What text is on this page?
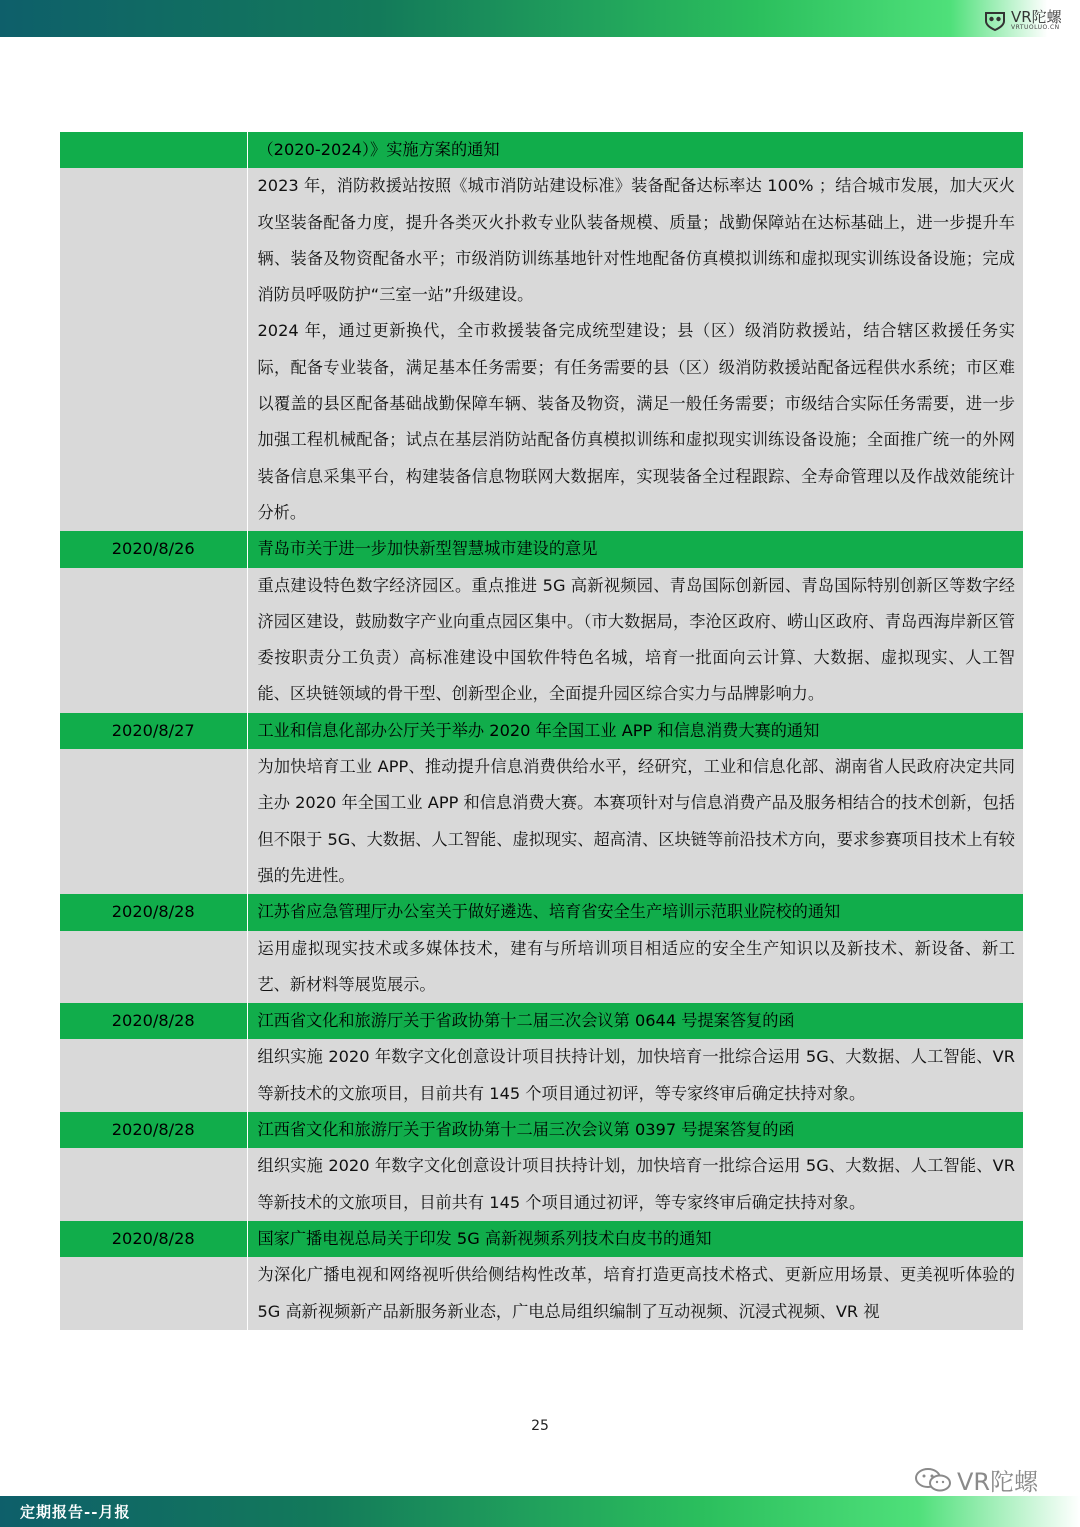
VR陀螺
VRTUOLUO.CN
	（2020-2024）》实施方案的通知

	2023 年，消防救援站按照《城市消防站建设标准》装备配备达标率达 100% ；结合城市发展，加大灭火攻坚装备配备力度，提升各类灭火扑救专业队装备规模、质量；战勤保障站在达标基础上，进一步提升车辆、装备及物资配备水平；市级消防训练基地针对性地配备仿真模拟训练和虚拟现实训练设备设施；完成消防员呼吸防护“三室一站”升级建设。

2024 年，通过更新换代，全市救援装备完成统型建设；县（区）级消防救援站，结合辖区救援任务实际，配备专业装备，满足基本任务需要；有任务需要的县（区）级消防救援站配备远程供水系统；市区难以覆盖的县区配备基础战勤保障车辆、装备及物资，满足一般任务需要；市级结合实际任务需要，进一步加强工程机械配备；试点在基层消防站配备仿真模拟训练和虚拟现实训练设备设施；全面推广统一的外网装备信息采集平台，构建装备信息物联网大数据库，实现装备全过程跟踪、全寿命管理以及作战效能统计分析。

2020/8/26	青岛市关于进一步加快新型智慧城市建设的意见

	重点建设特色数字经济园区。重点推进 5G 高新视频园、青岛国际创新园、青岛国际特别创新区等数字经济园区建设，鼓励数字产业向重点园区集中。（市大数据局，李沧区政府、崂山区政府、青岛西海岸新区管委按职责分工负责）高标准建设中国软件特色名城，培育一批面向云计算、大数据、虚拟现实、人工智能、区块链领域的骨干型、创新型企业，全面提升园区综合实力与品牌影响力。

2020/8/27	工业和信息化部办公厅关于举办 2020 年全国工业 APP 和信息消费大赛的通知

	为加快培育工业 APP、推动提升信息消费供给水平，经研究，工业和信息化部、湖南省人民政府决定共同主办 2020 年全国工业 APP 和信息消费大赛。本赛项针对与信息消费产品及服务相结合的技术创新，包括但不限于 5G、大数据、人工智能、虚拟现实、超高清、区块链等前沿技术方向，要求参赛项目技术上有较强的先进性。

2020/8/28	江苏省应急管理厅办公室关于做好遴选、培育省安全生产培训示范职业院校的通知

	运用虚拟现实技术或多媒体技术，建有与所培训项目相适应的安全生产知识以及新技术、新设备、新工艺、新材料等展览展示。

2020/8/28	江西省文化和旅游厅关于省政协第十二届三次会议第 0644 号提案答复的函

	组织实施 2020 年数字文化创意设计项目扶持计划，加快培育一批综合运用 5G、大数据、人工智能、VR 等新技术的文旅项目，目前共有 145 个项目通过初评，等专家终审后确定扶持对象。

2020/8/28	江西省文化和旅游厅关于省政协第十二届三次会议第 0397 号提案答复的函

	组织实施 2020 年数字文化创意设计项目扶持计划，加快培育一批综合运用 5G、大数据、人工智能、VR 等新技术的文旅项目，目前共有 145 个项目通过初评，等专家终审后确定扶持对象。

2020/8/28	国家广播电视总局关于印发 5G 高新视频系列技术白皮书的通知

	为深化广播电视和网络视听供给侧结构性改革，培育打造更高技术格式、更新应用场景、更美视听体验的 5G 高新视频新产品新服务新业态，广电总局组织编制了互动视频、沉浸式视频、VR 视

25
VR陀螺
定期报告--月报
